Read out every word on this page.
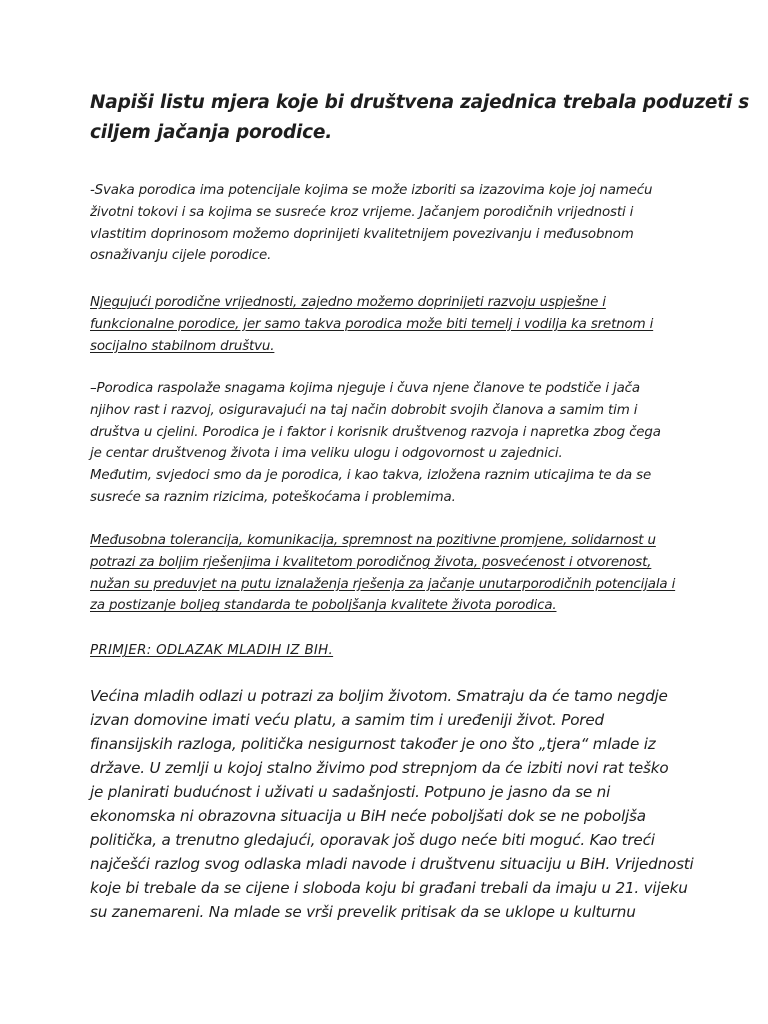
Napiši listu mjera koje bi društvena zajednica trebala poduzeti s
ciljem jačanja porodice.
-Svaka porodica ima potencijale kojima se može izboriti sa izazovima koje joj nameću
životni tokovi i sa kojima se susreće kroz vrijeme. Jačanjem porodičnih vrijednosti i
vlastitim doprinosom možemo doprinijeti kvalitetnijem povezivanju i međusobnom
osnaživanju cijele porodice.
Njegujući porodične vrijednosti, zajedno možemo doprinijeti razvoju uspješne i
funkcionalne porodice, jer samo takva porodica može biti temelj i vodilja ka sretnom i
socijalno stabilnom društvu.
–Porodica raspolaže snagama kojima njeguje i čuva njene članove te podstiče i jača
njihov rast i razvoj, osiguravajući na taj način dobrobit svojih članova a samim tim i
društva u cjelini. Porodica je i faktor i korisnik društvenog razvoja i napretka zbog čega
je centar društvenog života i ima veliku ulogu i odgovornost u zajednici.
Međutim, svjedoci smo da je porodica, i kao takva, izložena raznim uticajima te da se
susreće sa raznim rizicima, poteškoćama i problemima.
Međusobna tolerancija, komunikacija, spremnost na pozitivne promjene, solidarnost u
potrazi za boljim rješenjima i kvalitetom porodičnog života, posvećenost i otvorenost,
nužan su preduvjet na putu iznalaženja rješenja za jačanje unutarporodičnih potencijala i
za postizanje boljeg standarda te poboljšanja kvalitete života porodica.
PRIMJER: ODLAZAK MLADIH IZ BIH.
Većina mladih odlazi u potrazi za boljim životom. Smatraju da će tamo negdje
izvan domovine imati veću platu, a samim tim i uređeniji život. Pored
finansijskih razloga, politička nesigurnost također je ono što „tjera“ mlade iz
države. U zemlji u kojoj stalno živimo pod strepnjom da će izbiti novi rat teško
je planirati budućnost i uživati u sadašnjosti. Potpuno je jasno da se ni
ekonomska ni obrazovna situacija u BiH neće poboljšati dok se ne poboljša
politička, a trenutno gledajući, oporavak još dugo neće biti moguć. Kao treći
najčešći razlog svog odlaska mladi navode i društvenu situaciju u BiH. Vrijednosti
koje bi trebale da se cijene i sloboda koju bi građani trebali da imaju u 21. vijeku
su zanemareni. Na mlade se vrši prevelik pritisak da se uklope u kulturnu
